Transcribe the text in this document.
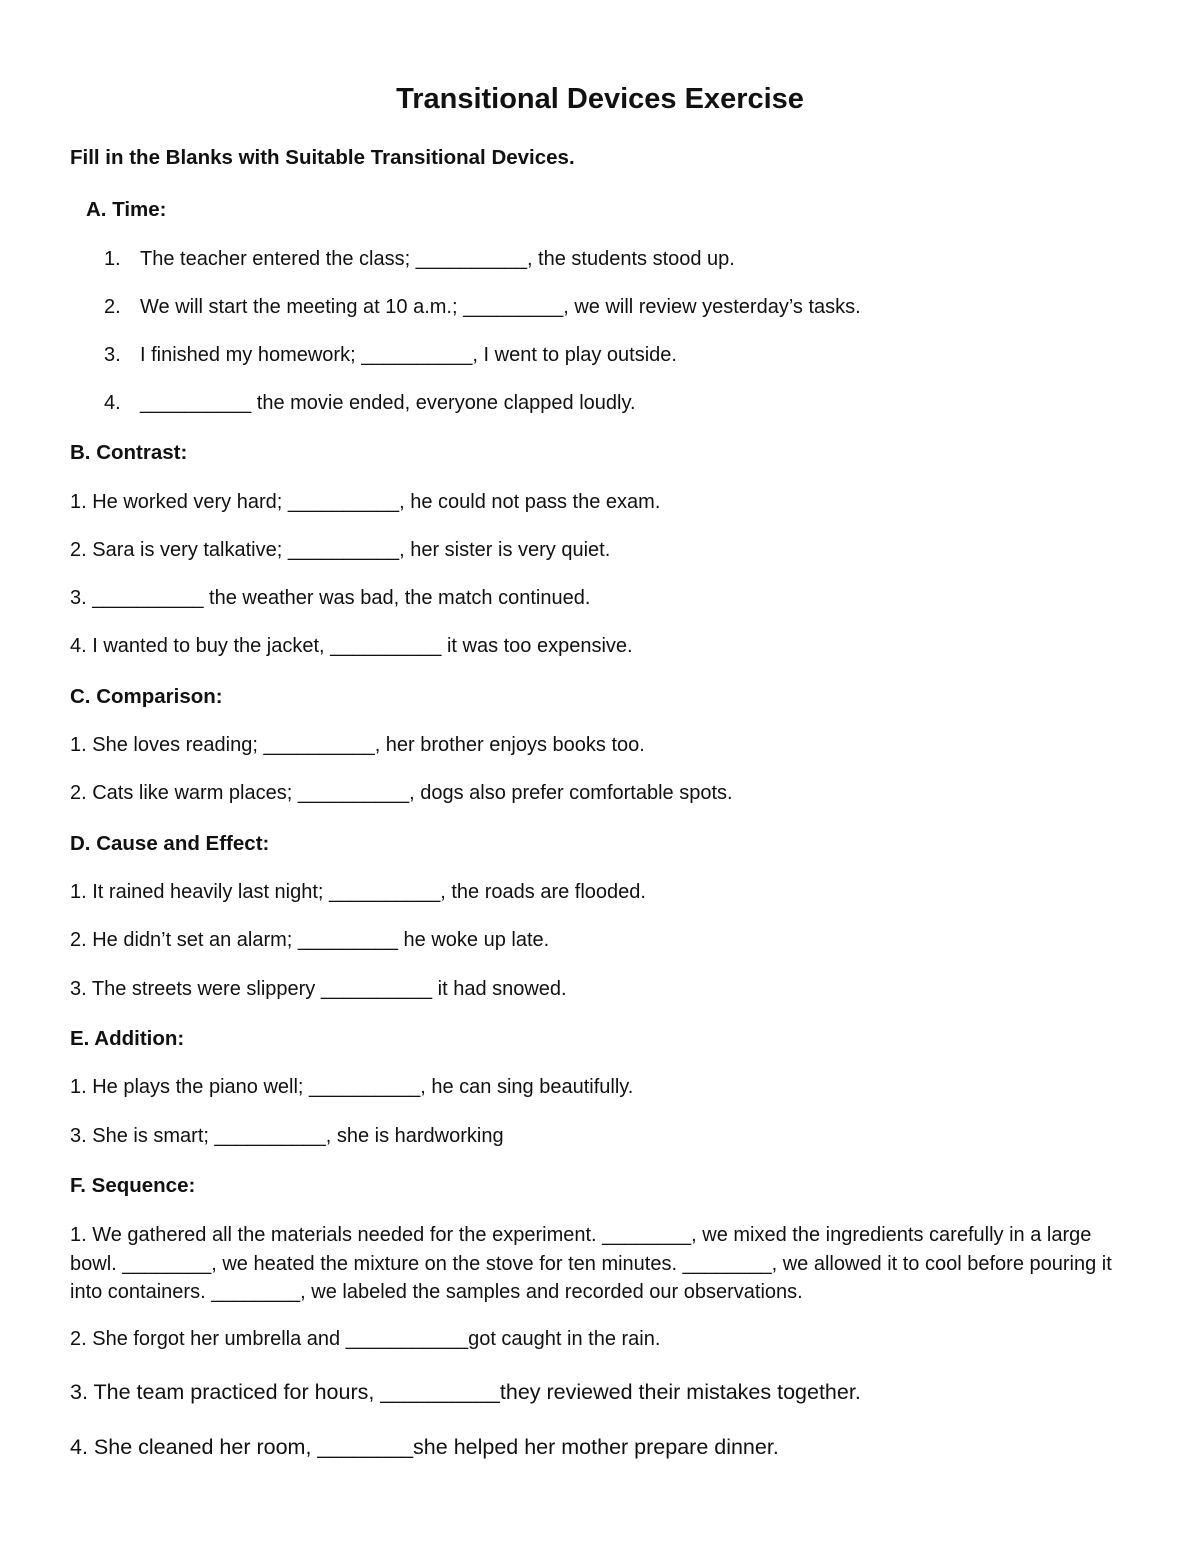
Transitional Devices Exercise

Fill in the Blanks with Suitable Transitional Devices.

A. Time:

1. The teacher entered the class; __________, the students stood up.
2. We will start the meeting at 10 a.m.; _________, we will review yesterday’s tasks.
3. I finished my homework; __________, I went to play outside.
4. __________ the movie ended, everyone clapped loudly.

B. Contrast:

1. He worked very hard; __________, he could not pass the exam.

2. Sara is very talkative; __________, her sister is very quiet.

3. __________ the weather was bad, the match continued.

4. I wanted to buy the jacket, __________ it was too expensive.

C. Comparison:

1. She loves reading; __________, her brother enjoys books too.

2. Cats like warm places; __________, dogs also prefer comfortable spots.

D. Cause and Effect:

1. It rained heavily last night; __________, the roads are flooded.

2. He didn’t set an alarm; _________ he woke up late.

3. The streets were slippery __________ it had snowed.

E. Addition:

1. He plays the piano well; __________, he can sing beautifully.

3. She is smart; __________, she is hardworking

F. Sequence:

1. We gathered all the materials needed for the experiment. ________, we mixed the ingredients carefully in a large bowl. ________, we heated the mixture on the stove for ten minutes. ________, we allowed it to cool before pouring it into containers. ________, we labeled the samples and recorded our observations.

2. She forgot her umbrella and ___________got caught in the rain.

3. The team practiced for hours, __________they reviewed their mistakes together.

4. She cleaned her room, ________she helped her mother prepare dinner.
